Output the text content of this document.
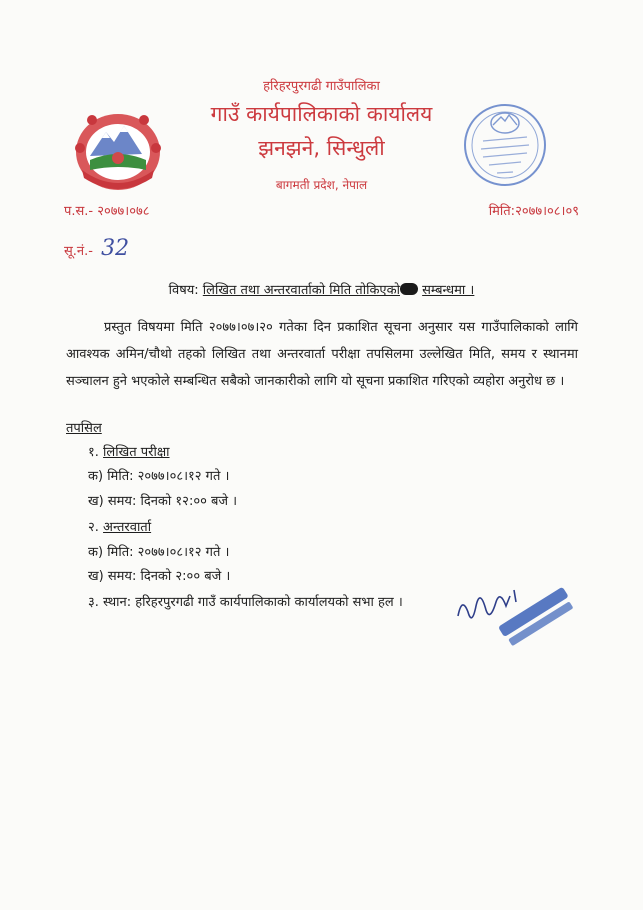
हरिहरपुरगढी गाउँपालिका
गाउँ कार्यपालिकाको कार्यालय
झनझने, सिन्धुली
बागमती प्रदेश, नेपाल
प.स.- २०७७।०७८	मिति:२०७७।०८।०९
सू.नं.- 32
विषय: लिखित तथा अन्तरवार्ताको मिति तोकिएको सम्बन्धमा ।
प्रस्तुत विषयमा मिति २०७७।०७।२० गतेका दिन प्रकाशित सूचना अनुसार यस गाउँपालिकाको लागि आवश्यक अमिन/चौथो तहको लिखित तथा अन्तरवार्ता परीक्षा तपसिलमा उल्लेखित मिति, समय र स्थानमा सञ्चालन हुने भएकोले सम्बन्धित सबैको जानकारीको लागि यो सूचना प्रकाशित गरिएको व्यहोरा अनुरोध छ ।
तपसिल
१. लिखित परीक्षा
क) मिति: २०७७।०८।१२ गते ।
ख) समय: दिनको १२:०० बजे ।
२. अन्तरवार्ता
क) मिति: २०७७।०८।१२ गते ।
ख) समय: दिनको २:०० बजे ।
३. स्थान: हरिहरपुरगढी गाउँ कार्यपालिकाको कार्यालयको सभा हल ।
